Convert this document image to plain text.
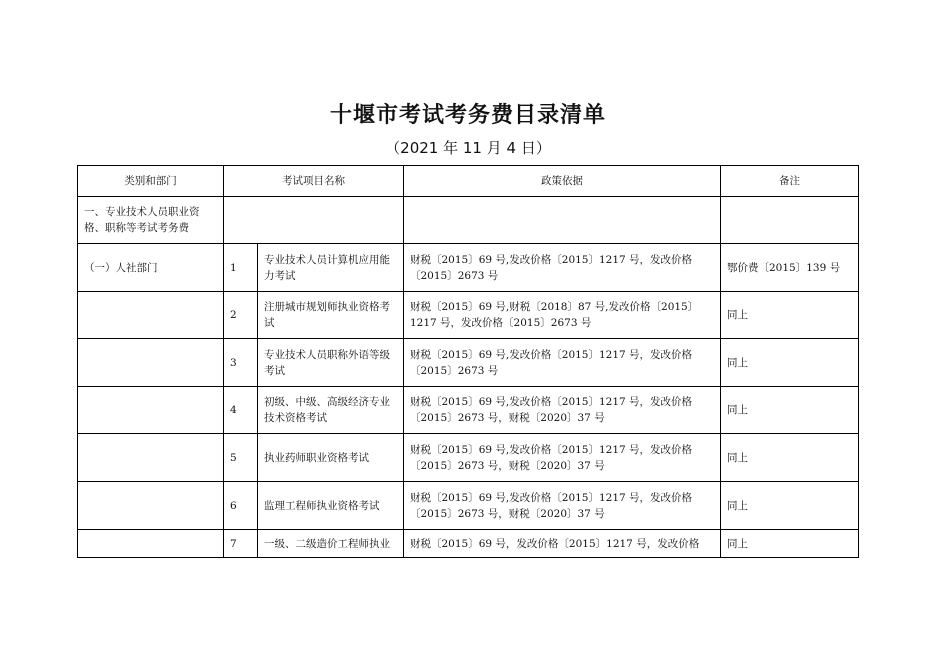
十堰市考试考务费目录清单
（2021 年 11 月 4 日）
类别和部门	考试项目名称		政策依据	备注
一、专业技术人员职业资格、职称等考试考务费				
（一）人社部门	1	专业技术人员计算机应用能力考试	财税〔2015〕69 号,发改价格〔2015〕1217 号，发改价格〔2015〕2673 号	鄂价费〔2015〕139 号
	2	注册城市规划师执业资格考试	财税〔2015〕69 号,财税〔2018〕87 号,发改价格〔2015〕1217 号，发改价格〔2015〕2673 号	同上
	3	专业技术人员职称外语等级考试	财税〔2015〕69 号,发改价格〔2015〕1217 号，发改价格〔2015〕2673 号	同上
	4	初级、中级、高级经济专业技术资格考试	财税〔2015〕69 号,发改价格〔2015〕1217 号，发改价格〔2015〕2673 号，财税〔2020〕37 号	同上
	5	执业药师职业资格考试	财税〔2015〕69 号,发改价格〔2015〕1217 号，发改价格〔2015〕2673 号，财税〔2020〕37 号	同上
	6	监理工程师执业资格考试	财税〔2015〕69 号,发改价格〔2015〕1217 号，发改价格〔2015〕2673 号，财税〔2020〕37 号	同上
	7	一级、二级造价工程师执业	财税〔2015〕69 号，发改价格〔2015〕1217 号，发改价格	同上
